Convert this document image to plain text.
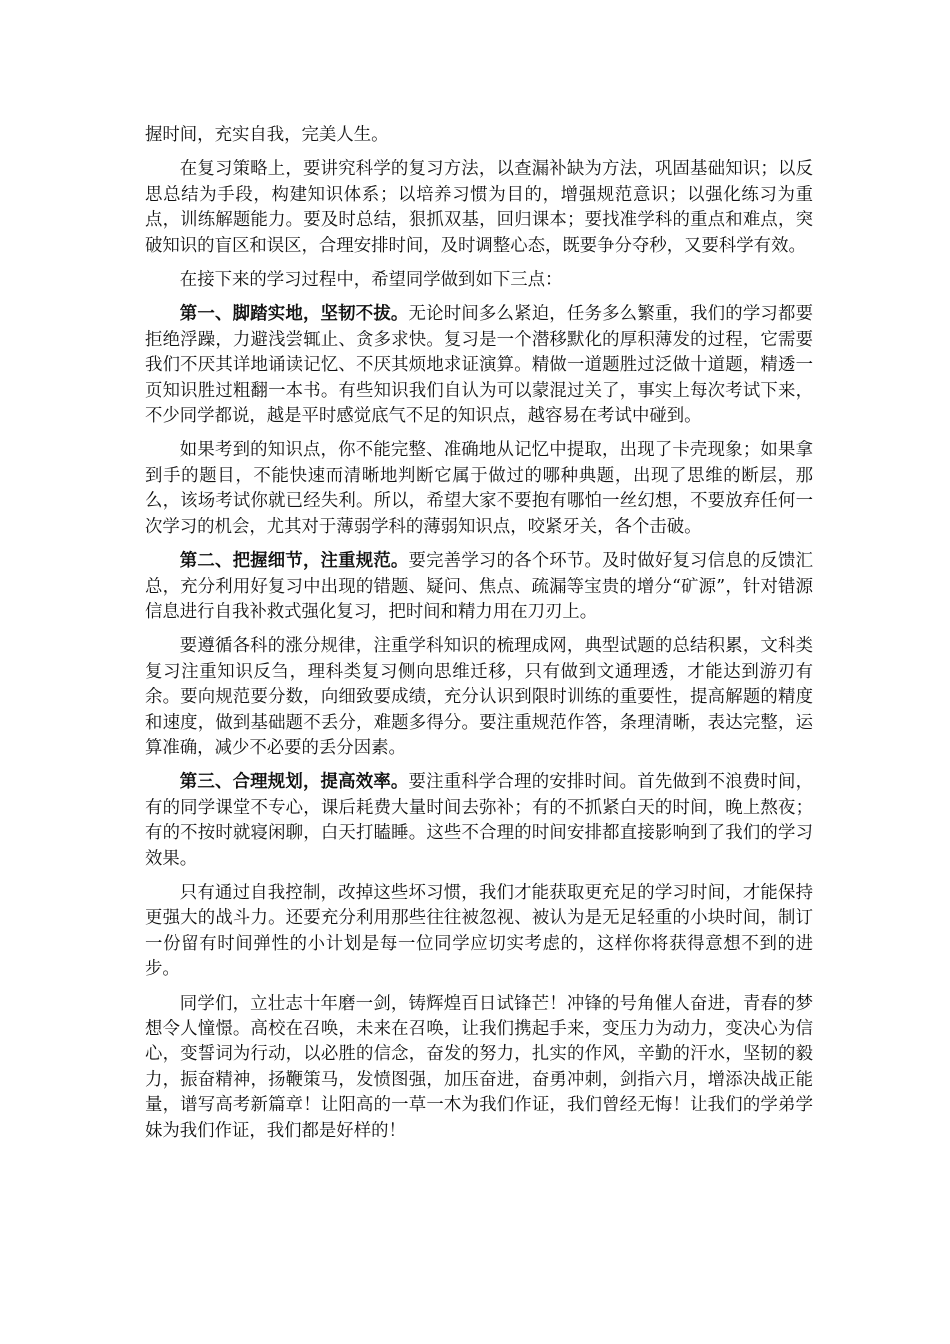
握时间，充实自我，完美人生。

在复习策略上，要讲究科学的复习方法，以查漏补缺为方法，巩固基础知识；以反思总结为手段，构建知识体系；以培养习惯为目的，增强规范意识；以强化练习为重点，训练解题能力。要及时总结，狠抓双基，回归课本；要找准学科的重点和难点，突破知识的盲区和误区，合理安排时间，及时调整心态，既要争分夺秒，又要科学有效。

在接下来的学习过程中，希望同学做到如下三点：

第一、脚踏实地，坚韧不拔。无论时间多么紧迫，任务多么繁重，我们的学习都要拒绝浮躁，力避浅尝辄止、贪多求快。复习是一个潜移默化的厚积薄发的过程，它需要我们不厌其详地诵读记忆、不厌其烦地求证演算。精做一道题胜过泛做十道题，精透一页知识胜过粗翻一本书。有些知识我们自认为可以蒙混过关了，事实上每次考试下来，不少同学都说，越是平时感觉底气不足的知识点，越容易在考试中碰到。

如果考到的知识点，你不能完整、准确地从记忆中提取，出现了卡壳现象；如果拿到手的题目，不能快速而清晰地判断它属于做过的哪种典题，出现了思维的断层，那么，该场考试你就已经失利。所以，希望大家不要抱有哪怕一丝幻想，不要放弃任何一次学习的机会，尤其对于薄弱学科的薄弱知识点，咬紧牙关，各个击破。

第二、把握细节，注重规范。要完善学习的各个环节。及时做好复习信息的反馈汇总，充分利用好复习中出现的错题、疑问、焦点、疏漏等宝贵的增分“矿源”，针对错源信息进行自我补救式强化复习，把时间和精力用在刀刃上。

要遵循各科的涨分规律，注重学科知识的梳理成网，典型试题的总结积累，文科类复习注重知识反刍，理科类复习侧向思维迁移，只有做到文通理透，才能达到游刃有余。要向规范要分数，向细致要成绩，充分认识到限时训练的重要性，提高解题的精度和速度，做到基础题不丢分，难题多得分。要注重规范作答，条理清晰，表达完整，运算准确，减少不必要的丢分因素。

第三、合理规划，提高效率。要注重科学合理的安排时间。首先做到不浪费时间，有的同学课堂不专心，课后耗费大量时间去弥补；有的不抓紧白天的时间，晚上熬夜；有的不按时就寝闲聊，白天打瞌睡。这些不合理的时间安排都直接影响到了我们的学习效果。

只有通过自我控制，改掉这些坏习惯，我们才能获取更充足的学习时间，才能保持更强大的战斗力。还要充分利用那些往往被忽视、被认为是无足轻重的小块时间，制订一份留有时间弹性的小计划是每一位同学应切实考虑的，这样你将获得意想不到的进步。

同学们，立壮志十年磨一剑，铸辉煌百日试锋芒！冲锋的号角催人奋进，青春的梦想令人憧憬。高校在召唤，未来在召唤，让我们携起手来，变压力为动力，变决心为信心，变誓词为行动，以必胜的信念，奋发的努力，扎实的作风，辛勤的汗水，坚韧的毅力，振奋精神，扬鞭策马，发愤图强，加压奋进，奋勇冲刺，剑指六月，增添决战正能量，谱写高考新篇章！让阳高的一草一木为我们作证，我们曾经无悔！让我们的学弟学妹为我们作证，我们都是好样的！
